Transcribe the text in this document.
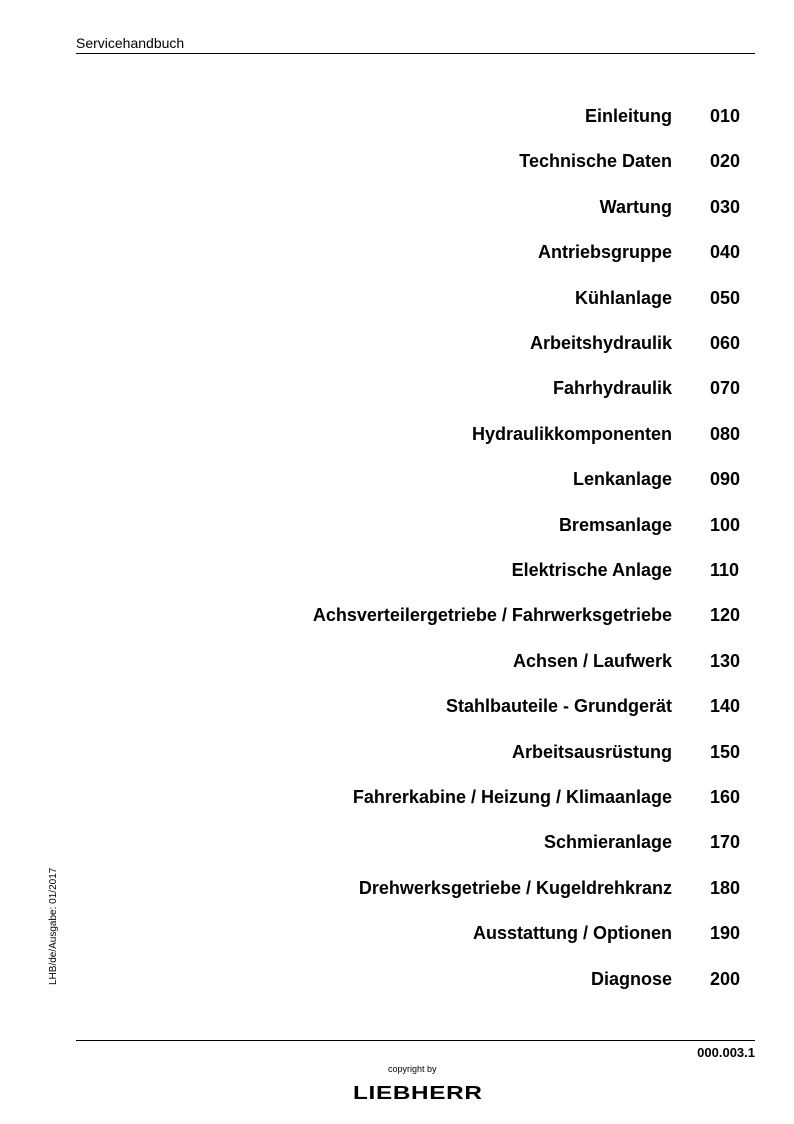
Servicehandbuch
Einleitung 010
Technische Daten 020
Wartung 030
Antriebsgruppe 040
Kühlanlage 050
Arbeitshydraulik 060
Fahrhydraulik 070
Hydraulikkomponenten 080
Lenkanlage 090
Bremsanlage 100
Elektrische Anlage 110
Achsverteilergetriebe / Fahrwerksgetriebe 120
Achsen / Laufwerk 130
Stahlbauteile - Grundgerät 140
Arbeitsausrüstung 150
Fahrerkabine / Heizung / Klimaanlage 160
Schmieranlage 170
Drehwerksgetriebe / Kugeldrehkranz 180
Ausstattung / Optionen 190
Diagnose 200
LHB/de/Ausgabe: 01/2017
000.003.1
copyright by
LIEBHERR
